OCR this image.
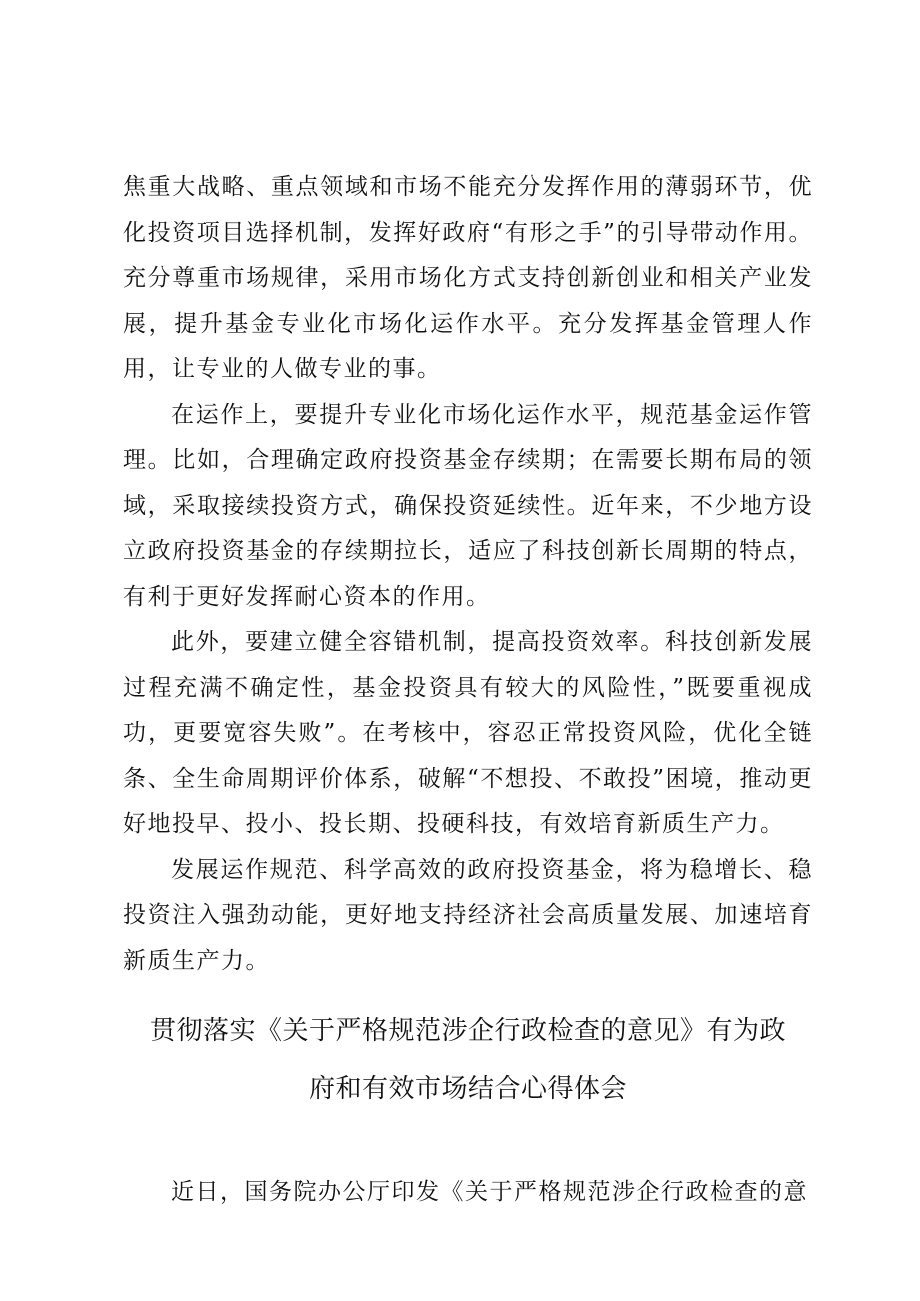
焦重大战略、重点领域和市场不能充分发挥作用的薄弱环节，优化投资项目选择机制，发挥好政府“有形之手”的引导带动作用。充分尊重市场规律，采用市场化方式支持创新创业和相关产业发展，提升基金专业化市场化运作水平。充分发挥基金管理人作用，让专业的人做专业的事。

在运作上，要提升专业化市场化运作水平，规范基金运作管理。比如，合理确定政府投资基金存续期；在需要长期布局的领域，采取接续投资方式，确保投资延续性。近年来，不少地方设立政府投资基金的存续期拉长，适应了科技创新长周期的特点，有利于更好发挥耐心资本的作用。

此外，要建立健全容错机制，提高投资效率。科技创新发展过程充满不确定性，基金投资具有较大的风险性，”既要重视成功，更要宽容失败”。在考核中，容忍正常投资风险，优化全链条、全生命周期评价体系，破解“不想投、不敢投”困境，推动更好地投早、投小、投长期、投硬科技，有效培育新质生产力。

发展运作规范、科学高效的政府投资基金，将为稳增长、稳投资注入强劲动能，更好地支持经济社会高质量发展、加速培育新质生产力。

贯彻落实《关于严格规范涉企行政检查的意见》有为政
府和有效市场结合心得体会

近日，国务院办公厅印发《关于严格规范涉企行政检查的意
